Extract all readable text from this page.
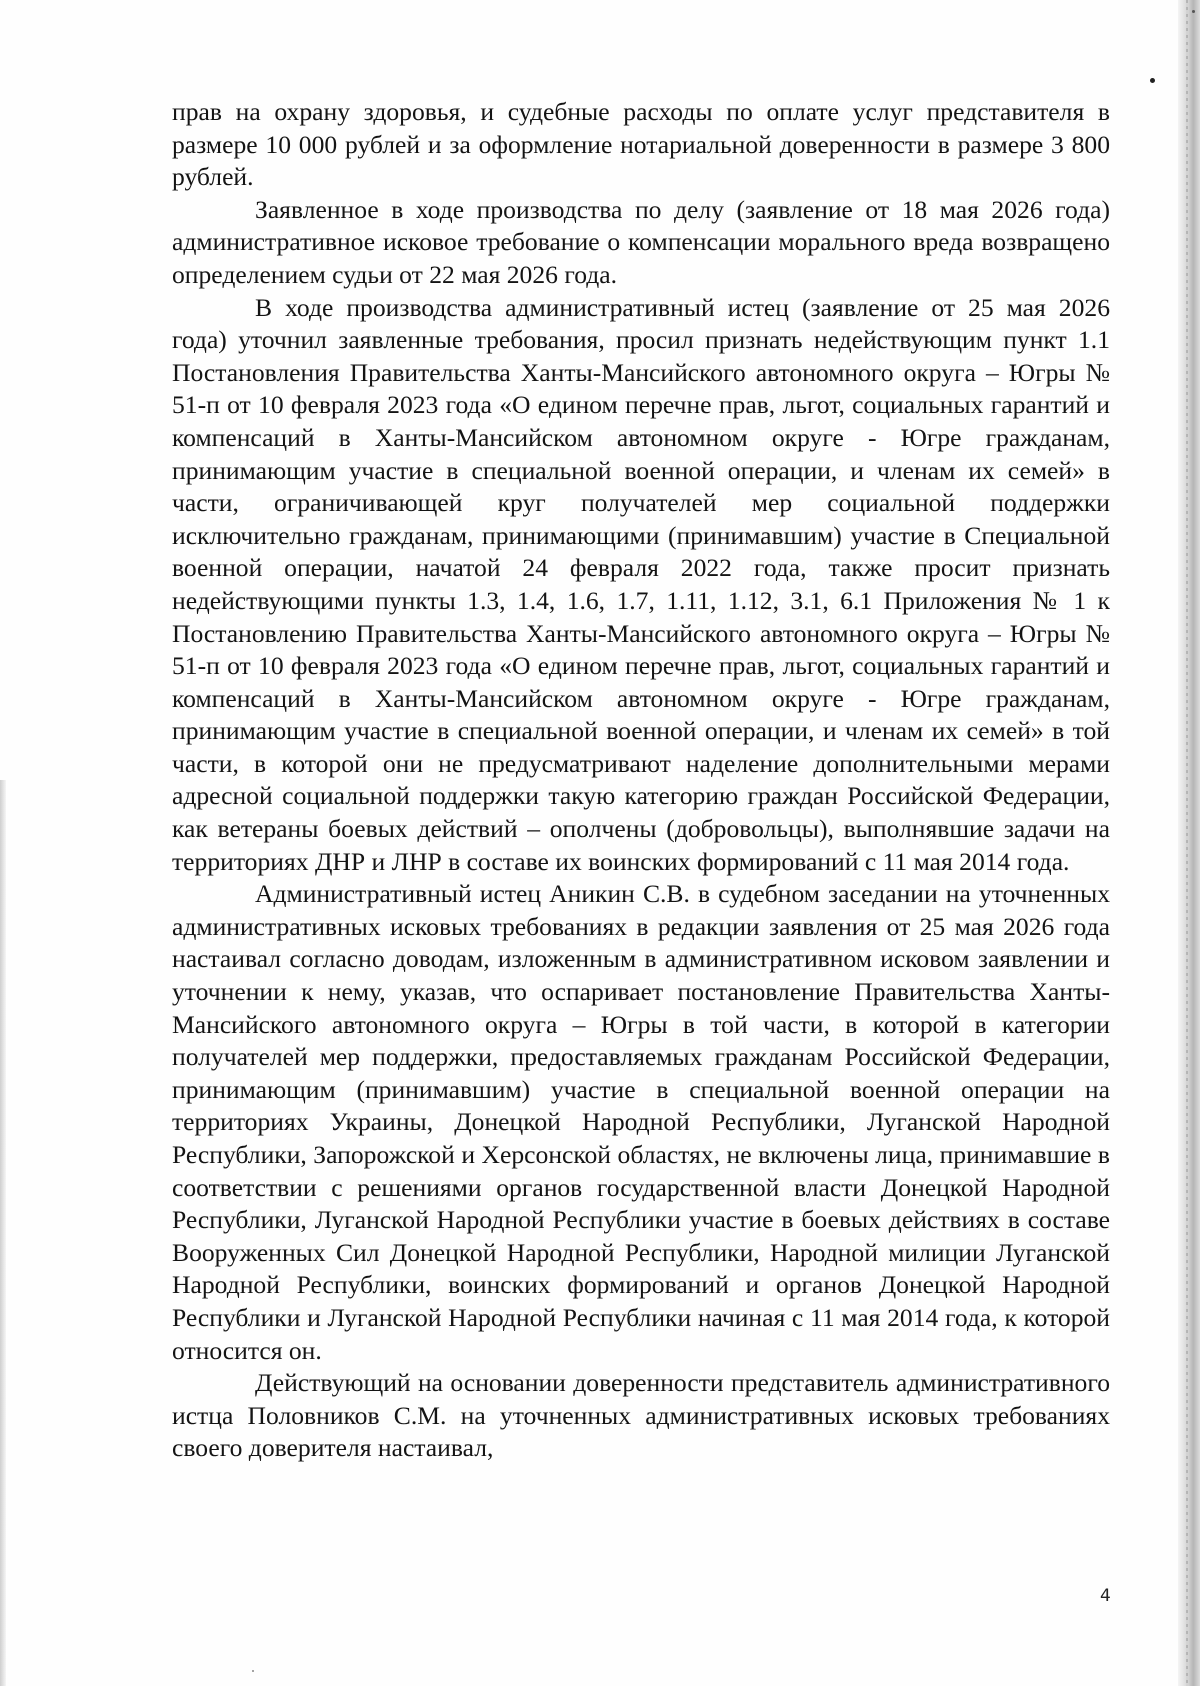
прав на охрану здоровья, и судебные расходы по оплате услуг представителя в размере 10 000 рублей и за оформление нотариальной доверенности в размере 3 800 рублей.

Заявленное в ходе производства по делу (заявление от 18 мая 2026 года) административное исковое требование о компенсации морального вреда возвращено определением судьи от 22 мая 2026 года.

В ходе производства административный истец (заявление от 25 мая 2026 года) уточнил заявленные требования, просил признать недействующим пункт 1.1 Постановления Правительства Ханты-Мансийского автономного округа – Югры № 51-п от 10 февраля 2023 года «О едином перечне прав, льгот, социальных гарантий и компенсаций в Ханты-Мансийском автономном округе - Югре гражданам, принимающим участие в специальной военной операции, и членам их семей» в части, ограничивающей круг получателей мер социальной поддержки исключительно гражданам, принимающими (принимавшим) участие в Специальной военной операции, начатой 24 февраля 2022 года, также просит признать недействующими пункты 1.3, 1.4, 1.6, 1.7, 1.11, 1.12, 3.1, 6.1 Приложения № 1 к Постановлению Правительства Ханты-Мансийского автономного округа – Югры № 51-п от 10 февраля 2023 года «О едином перечне прав, льгот, социальных гарантий и компенсаций в Ханты-Мансийском автономном округе - Югре гражданам, принимающим участие в специальной военной операции, и членам их семей» в той части, в которой они не предусматривают наделение дополнительными мерами адресной социальной поддержки такую категорию граждан Российской Федерации, как ветераны боевых действий – ополчены (добровольцы), выполнявшие задачи на территориях ДНР и ЛНР в составе их воинских формирований с 11 мая 2014 года.

Административный истец Аникин С.В. в судебном заседании на уточненных административных исковых требованиях в редакции заявления от 25 мая 2026 года настаивал согласно доводам, изложенным в административном исковом заявлении и уточнении к нему, указав, что оспаривает постановление Правительства Ханты-Мансийского автономного округа – Югры в той части, в которой в категории получателей мер поддержки, предоставляемых гражданам Российской Федерации, принимающим (принимавшим) участие в специальной военной операции на территориях Украины, Донецкой Народной Республики, Луганской Народной Республики, Запорожской и Херсонской областях, не включены лица, принимавшие в соответствии с решениями органов государственной власти Донецкой Народной Республики, Луганской Народной Республики участие в боевых действиях в составе Вооруженных Сил Донецкой Народной Республики, Народной милиции Луганской Народной Республики, воинских формирований и органов Донецкой Народной Республики и Луганской Народной Республики начиная с 11 мая 2014 года, к которой относится он.

Действующий на основании доверенности представитель административного истца Половников С.М. на уточненных административных исковых требованиях своего доверителя настаивал,

4
